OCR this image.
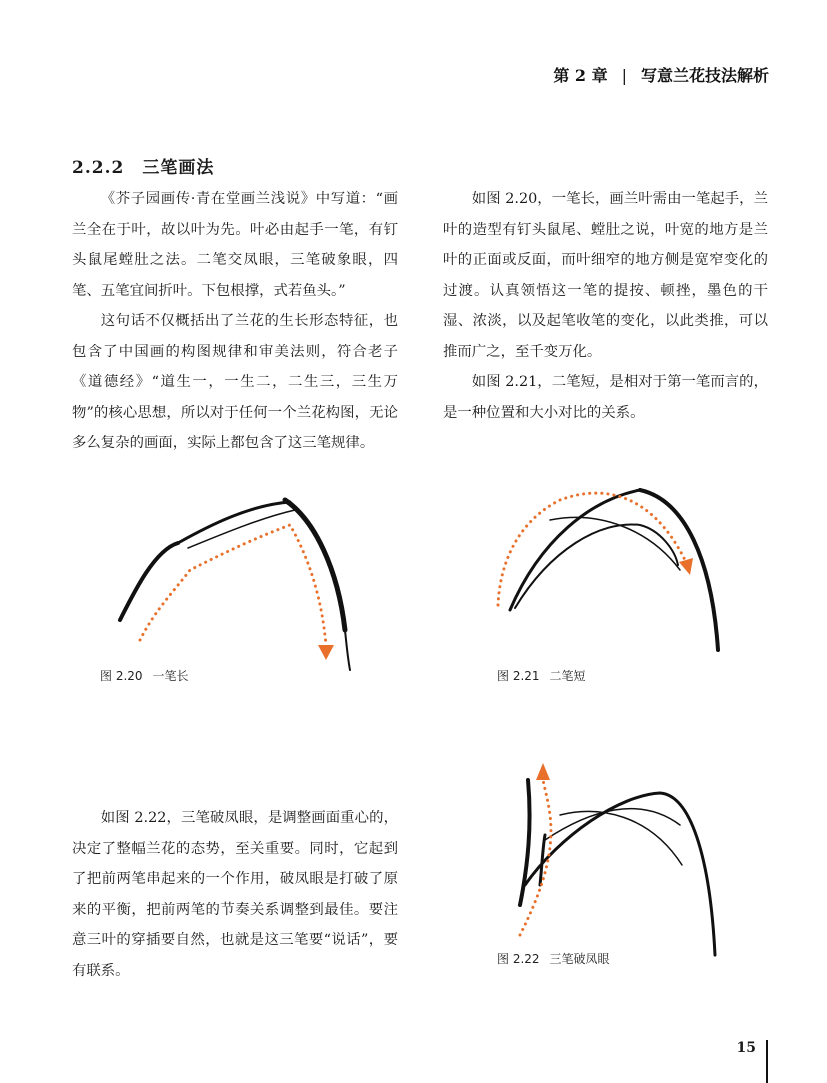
第 2 章 | 写意兰花技法解析
2.2.2 三笔画法

《芥子园画传·青在堂画兰浅说》中写道：“画兰全在于叶，故以叶为先。叶必由起手一笔，有钉头鼠尾螳肚之法。二笔交凤眼，三笔破象眼，四笔、五笔宜间折叶。下包根撑，式若鱼头。”

这句话不仅概括出了兰花的生长形态特征，也包含了中国画的构图规律和审美法则，符合老子《道德经》“道生一，一生二，二生三，三生万物”的核心思想，所以对于任何一个兰花构图，无论多么复杂的画面，实际上都包含了这三笔规律。

如图 2.20，一笔长，画兰叶需由一笔起手，兰叶的造型有钉头鼠尾、螳肚之说，叶宽的地方是兰叶的正面或反面，而叶细窄的地方侧是宽窄变化的过渡。认真领悟这一笔的提按、顿挫，墨色的干湿、浓淡，以及起笔收笔的变化，以此类推，可以推而广之，至千变万化。

如图 2.21，二笔短，是相对于第一笔而言的，是一种位置和大小对比的关系。

图 2.20 一笔长	图 2.21 二笔短

如图 2.22，三笔破凤眼，是调整画面重心的，决定了整幅兰花的态势，至关重要。同时，它起到了把前两笔串起来的一个作用，破凤眼是打破了原来的平衡，把前两笔的节奏关系调整到最佳。要注意三叶的穿插要自然，也就是这三笔要“说话”，要有联系。

图 2.22 三笔破凤眼
15
